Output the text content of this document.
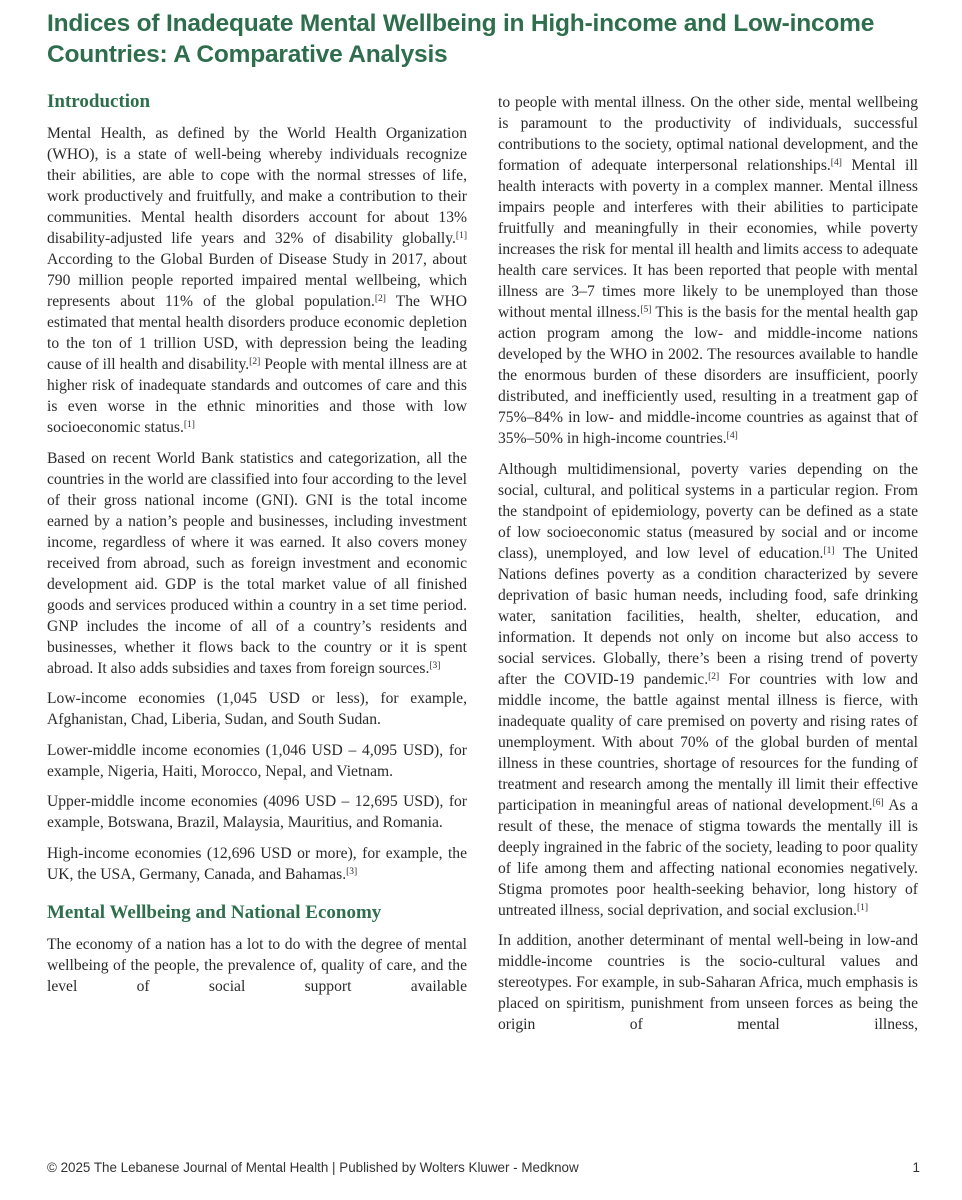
Indices of Inadequate Mental Wellbeing in High-income and Low-income Countries: A Comparative Analysis
Introduction

Mental Health, as defined by the World Health Organization (WHO), is a state of well-being whereby individuals recognize their abilities, are able to cope with the normal stresses of life, work productively and fruitfully, and make a contribution to their communities. Mental health disorders account for about 13% disability-adjusted life years and 32% of disability globally.[1] According to the Global Burden of Disease Study in 2017, about 790 million people reported impaired mental wellbeing, which represents about 11% of the global population.[2] The WHO estimated that mental health disorders produce economic depletion to the ton of 1 trillion USD, with depression being the leading cause of ill health and disability.[2] People with mental illness are at higher risk of inadequate standards and outcomes of care and this is even worse in the ethnic minorities and those with low socioeconomic status.[1]

Based on recent World Bank statistics and categorization, all the countries in the world are classified into four according to the level of their gross national income (GNI). GNI is the total income earned by a nation’s people and businesses, including investment income, regardless of where it was earned. It also covers money received from abroad, such as foreign investment and economic development aid. GDP is the total market value of all finished goods and services produced within a country in a set time period. GNP includes the income of all of a country’s residents and businesses, whether it flows back to the country or it is spent abroad. It also adds subsidies and taxes from foreign sources.[3]

Low-income economies (1,045 USD or less), for example, Afghanistan, Chad, Liberia, Sudan, and South Sudan.

Lower-middle income economies (1,046 USD – 4,095 USD), for example, Nigeria, Haiti, Morocco, Nepal, and Vietnam.

Upper-middle income economies (4096 USD – 12,695 USD), for example, Botswana, Brazil, Malaysia, Mauritius, and Romania.

High-income economies (12,696 USD or more), for example, the UK, the USA, Germany, Canada, and Bahamas.[3]

Mental Wellbeing and National Economy

The economy of a nation has a lot to do with the degree of mental wellbeing of the people, the prevalence of, quality of care, and the level of social support available

to people with mental illness. On the other side, mental wellbeing is paramount to the productivity of individuals, successful contributions to the society, optimal national development, and the formation of adequate interpersonal relationships.[4] Mental ill health interacts with poverty in a complex manner. Mental illness impairs people and interferes with their abilities to participate fruitfully and meaningfully in their economies, while poverty increases the risk for mental ill health and limits access to adequate health care services. It has been reported that people with mental illness are 3–7 times more likely to be unemployed than those without mental illness.[5] This is the basis for the mental health gap action program among the low- and middle-income nations developed by the WHO in 2002. The resources available to handle the enormous burden of these disorders are insufficient, poorly distributed, and inefficiently used, resulting in a treatment gap of 75%–84% in low- and middle-income countries as against that of 35%–50% in high-income countries.[4]

Although multidimensional, poverty varies depending on the social, cultural, and political systems in a particular region. From the standpoint of epidemiology, poverty can be defined as a state of low socioeconomic status (measured by social and or income class), unemployed, and low level of education.[1] The United Nations defines poverty as a condition characterized by severe deprivation of basic human needs, including food, safe drinking water, sanitation facilities, health, shelter, education, and information. It depends not only on income but also access to social services. Globally, there’s been a rising trend of poverty after the COVID-19 pandemic.[2] For countries with low and middle income, the battle against mental illness is fierce, with inadequate quality of care premised on poverty and rising rates of unemployment. With about 70% of the global burden of mental illness in these countries, shortage of resources for the funding of treatment and research among the mentally ill limit their effective participation in meaningful areas of national development.[6] As a result of these, the menace of stigma towards the mentally ill is deeply ingrained in the fabric of the society, leading to poor quality of life among them and affecting national economies negatively. Stigma promotes poor health-seeking behavior, long history of untreated illness, social deprivation, and social exclusion.[1]

In addition, another determinant of mental well-being in low-and middle-income countries is the socio-cultural values and stereotypes. For example, in sub-Saharan Africa, much emphasis is placed on spiritism, punishment from unseen forces as being the origin of mental illness,

© 2025 The Lebanese Journal of Mental Health | Published by Wolters Kluwer - Medknow	1
